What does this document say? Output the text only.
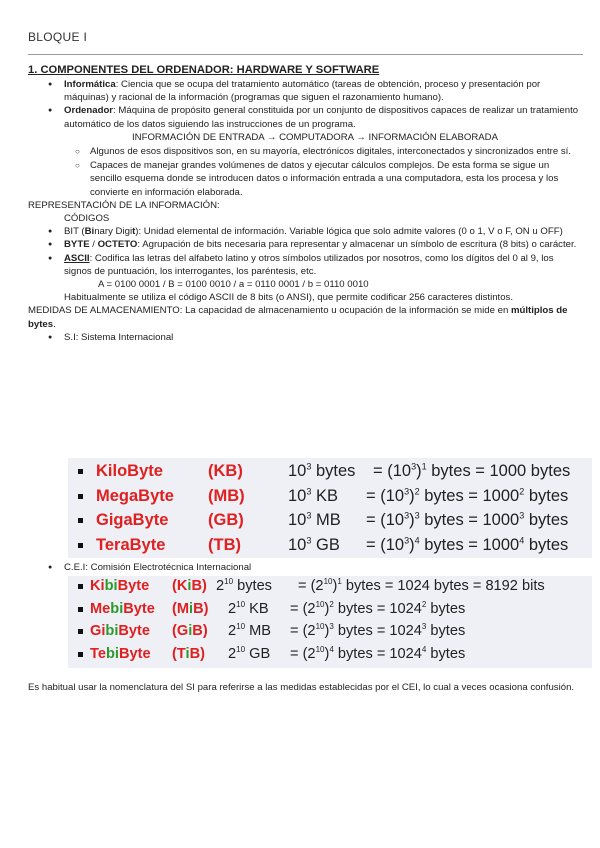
BLOQUE I
1. COMPONENTES DEL ORDENADOR: HARDWARE Y SOFTWARE
● Informática: Ciencia que se ocupa del tratamiento automático (tareas de obtención, proceso y presentación por máquinas) y racional de la información (programas que siguen el razonamiento humano).
● Ordenador: Máquina de propósito general constituida por un conjunto de dispositivos capaces de realizar un tratamiento automático de los datos siguiendo las instrucciones de un programa.

INFORMACIÓN DE ENTRADA → COMPUTADORA → INFORMACIÓN ELABORADA

○ Algunos de esos dispositivos son, en su mayoría, electrónicos digitales, interconectados y sincronizados entre sí.
○ Capaces de manejar grandes volúmenes de datos y ejecutar cálculos complejos. De esta forma se sigue un sencillo esquema donde se introducen datos o información entrada a una computadora, esta los procesa y los convierte en información elaborada.

REPRESENTACIÓN DE LA INFORMACIÓN:

CÓDIGOS

● BIT (Binary Digit): Unidad elemental de información. Variable lógica que solo admite valores (0 o 1, V o F, ON u OFF)
● BYTE / OCTETO: Agrupación de bits necesaria para representar y almacenar un símbolo de escritura (8 bits) o carácter.
● ASCII: Codifica las letras del alfabeto latino y otros símbolos utilizados por nosotros, como los dígitos del 0 al 9, los signos de puntuación, los interrogantes, los paréntesis, etc.

A = 0100 0001 / B = 0100 0010 / a = 0110 0001 / b = 0110 0010

Habitualmente se utiliza el código ASCII de 8 bits (o ANSI), que permite codificar 256 caracteres distintos.

MEDIDAS DE ALMACENAMIENTO: La capacidad de almacenamiento u ocupación de la información se mide en múltiplos de bytes.

● S.I: Sistema Internacional
KiloByte	(KB)	$10^3$ bytes = $(10^3)^1$ bytes = 1000 bytes
MegaByte (MB)	$10^3$ KB = $(10^3)^2$ bytes = $1000^2$ bytes
GigaByte (GB)	$10^3$ MB = $(10^3)^3$ bytes = $1000^3$ bytes
TeraByte	(TB)	$10^3$ GB = $(10^3)^4$ bytes = $1000^4$ bytes
● C.E.I: Comisión Electrotécnica Internacional
KibiByte (KiB) $2^{10}$ bytes = $(2^{10})^1$ bytes = 1024 bytes = 8192 bits
MebiByte (MiB) $2^{10}$ KB = $(2^{10})^2$ bytes = $1024^2$ bytes
GibiByte (GiB) $2^{10}$ MB = $(2^{10})^3$ bytes = $1024^3$ bytes
TebiByte (TiB) $2^{10}$ GB = $(2^{10})^4$ bytes = $1024^4$ bytes

Es habitual usar la nomenclatura del SI para referirse a las medidas establecidas por el CEI, lo cual a veces ocasiona confusión.
